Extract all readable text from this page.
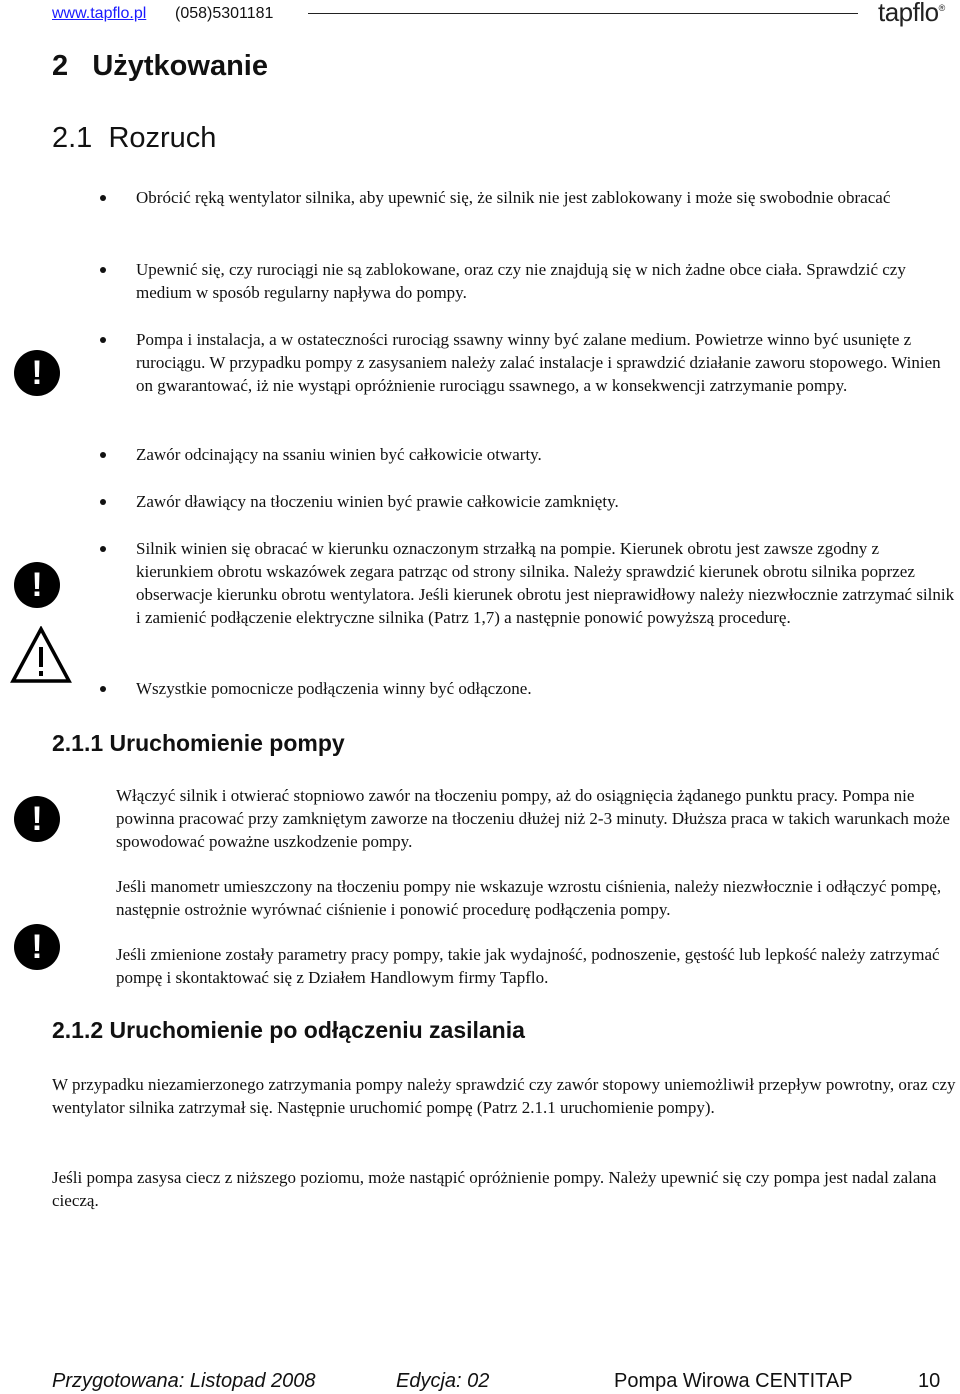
www.tapflo.pl (058)5301181	tapflo®
2 Użytkowanie
2.1 Rozruch
Obrócić ręką wentylator silnika, aby upewnić się, że silnik nie jest zablokowany i może się swobodnie obracać
Upewnić się, czy rurociągi nie są zablokowane, oraz czy nie znajdują się w nich żadne obce ciała. Sprawdzić czy medium w sposób regularny napływa do pompy.
Pompa i instalacja, a w ostateczności rurociąg ssawny winny być zalane medium. Powietrze winno być usunięte z rurociągu. W przypadku pompy z zasysaniem należy zalać instalacje i sprawdzić działanie zaworu stopowego. Winien on gwarantować, iż nie wystąpi opróżnienie rurociągu ssawnego, a w konsekwencji zatrzymanie pompy.
Zawór odcinający na ssaniu winien być całkowicie otwarty.
Zawór dławiący na tłoczeniu winien być prawie całkowicie zamknięty.
Silnik winien się obracać w kierunku oznaczonym strzałką na pompie. Kierunek obrotu jest zawsze zgodny z kierunkiem obrotu wskazówek zegara patrząc od strony silnika. Należy sprawdzić kierunek obrotu silnika poprzez obserwacje kierunku obrotu wentylatora. Jeśli kierunek obrotu jest nieprawidłowy należy niezwłocznie zatrzymać silnik i zamienić podłączenie elektryczne silnika (Patrz 1,7) a następnie ponowić powyższą procedurę.
Wszystkie pomocnicze podłączenia winny być odłączone.
!
!
!
!
2.1.1 Uruchomienie pompy

Włączyć silnik i otwierać stopniowo zawór na tłoczeniu pompy, aż do osiągnięcia żądanego punktu pracy. Pompa nie powinna pracować przy zamkniętym zaworze na tłoczeniu dłużej niż 2-3 minuty. Dłuższa praca w takich warunkach może spowodować poważne uszkodzenie pompy.

Jeśli manometr umieszczony na tłoczeniu pompy nie wskazuje wzrostu ciśnienia, należy niezwłocznie i odłączyć pompę, następnie ostrożnie wyrównać ciśnienie i ponowić procedurę podłączenia pompy.

Jeśli zmienione zostały parametry pracy pompy, takie jak wydajność, podnoszenie, gęstość lub lepkość należy zatrzymać pompę i skontaktować się z Działem Handlowym firmy Tapflo.

2.1.2 Uruchomienie po odłączeniu zasilania

W przypadku niezamierzonego zatrzymania pompy należy sprawdzić czy zawór stopowy uniemożliwił przepływ powrotny, oraz czy wentylator silnika zatrzymał się. Następnie uruchomić pompę (Patrz 2.1.1 uruchomienie pompy).

Jeśli pompa zasysa ciecz z niższego poziomu, może nastąpić opróżnienie pompy. Należy upewnić się czy pompa jest nadal zalana cieczą.

Przygotowana: Listopad 2008	Edycja: 02	Pompa Wirowa CENTITAP	10
